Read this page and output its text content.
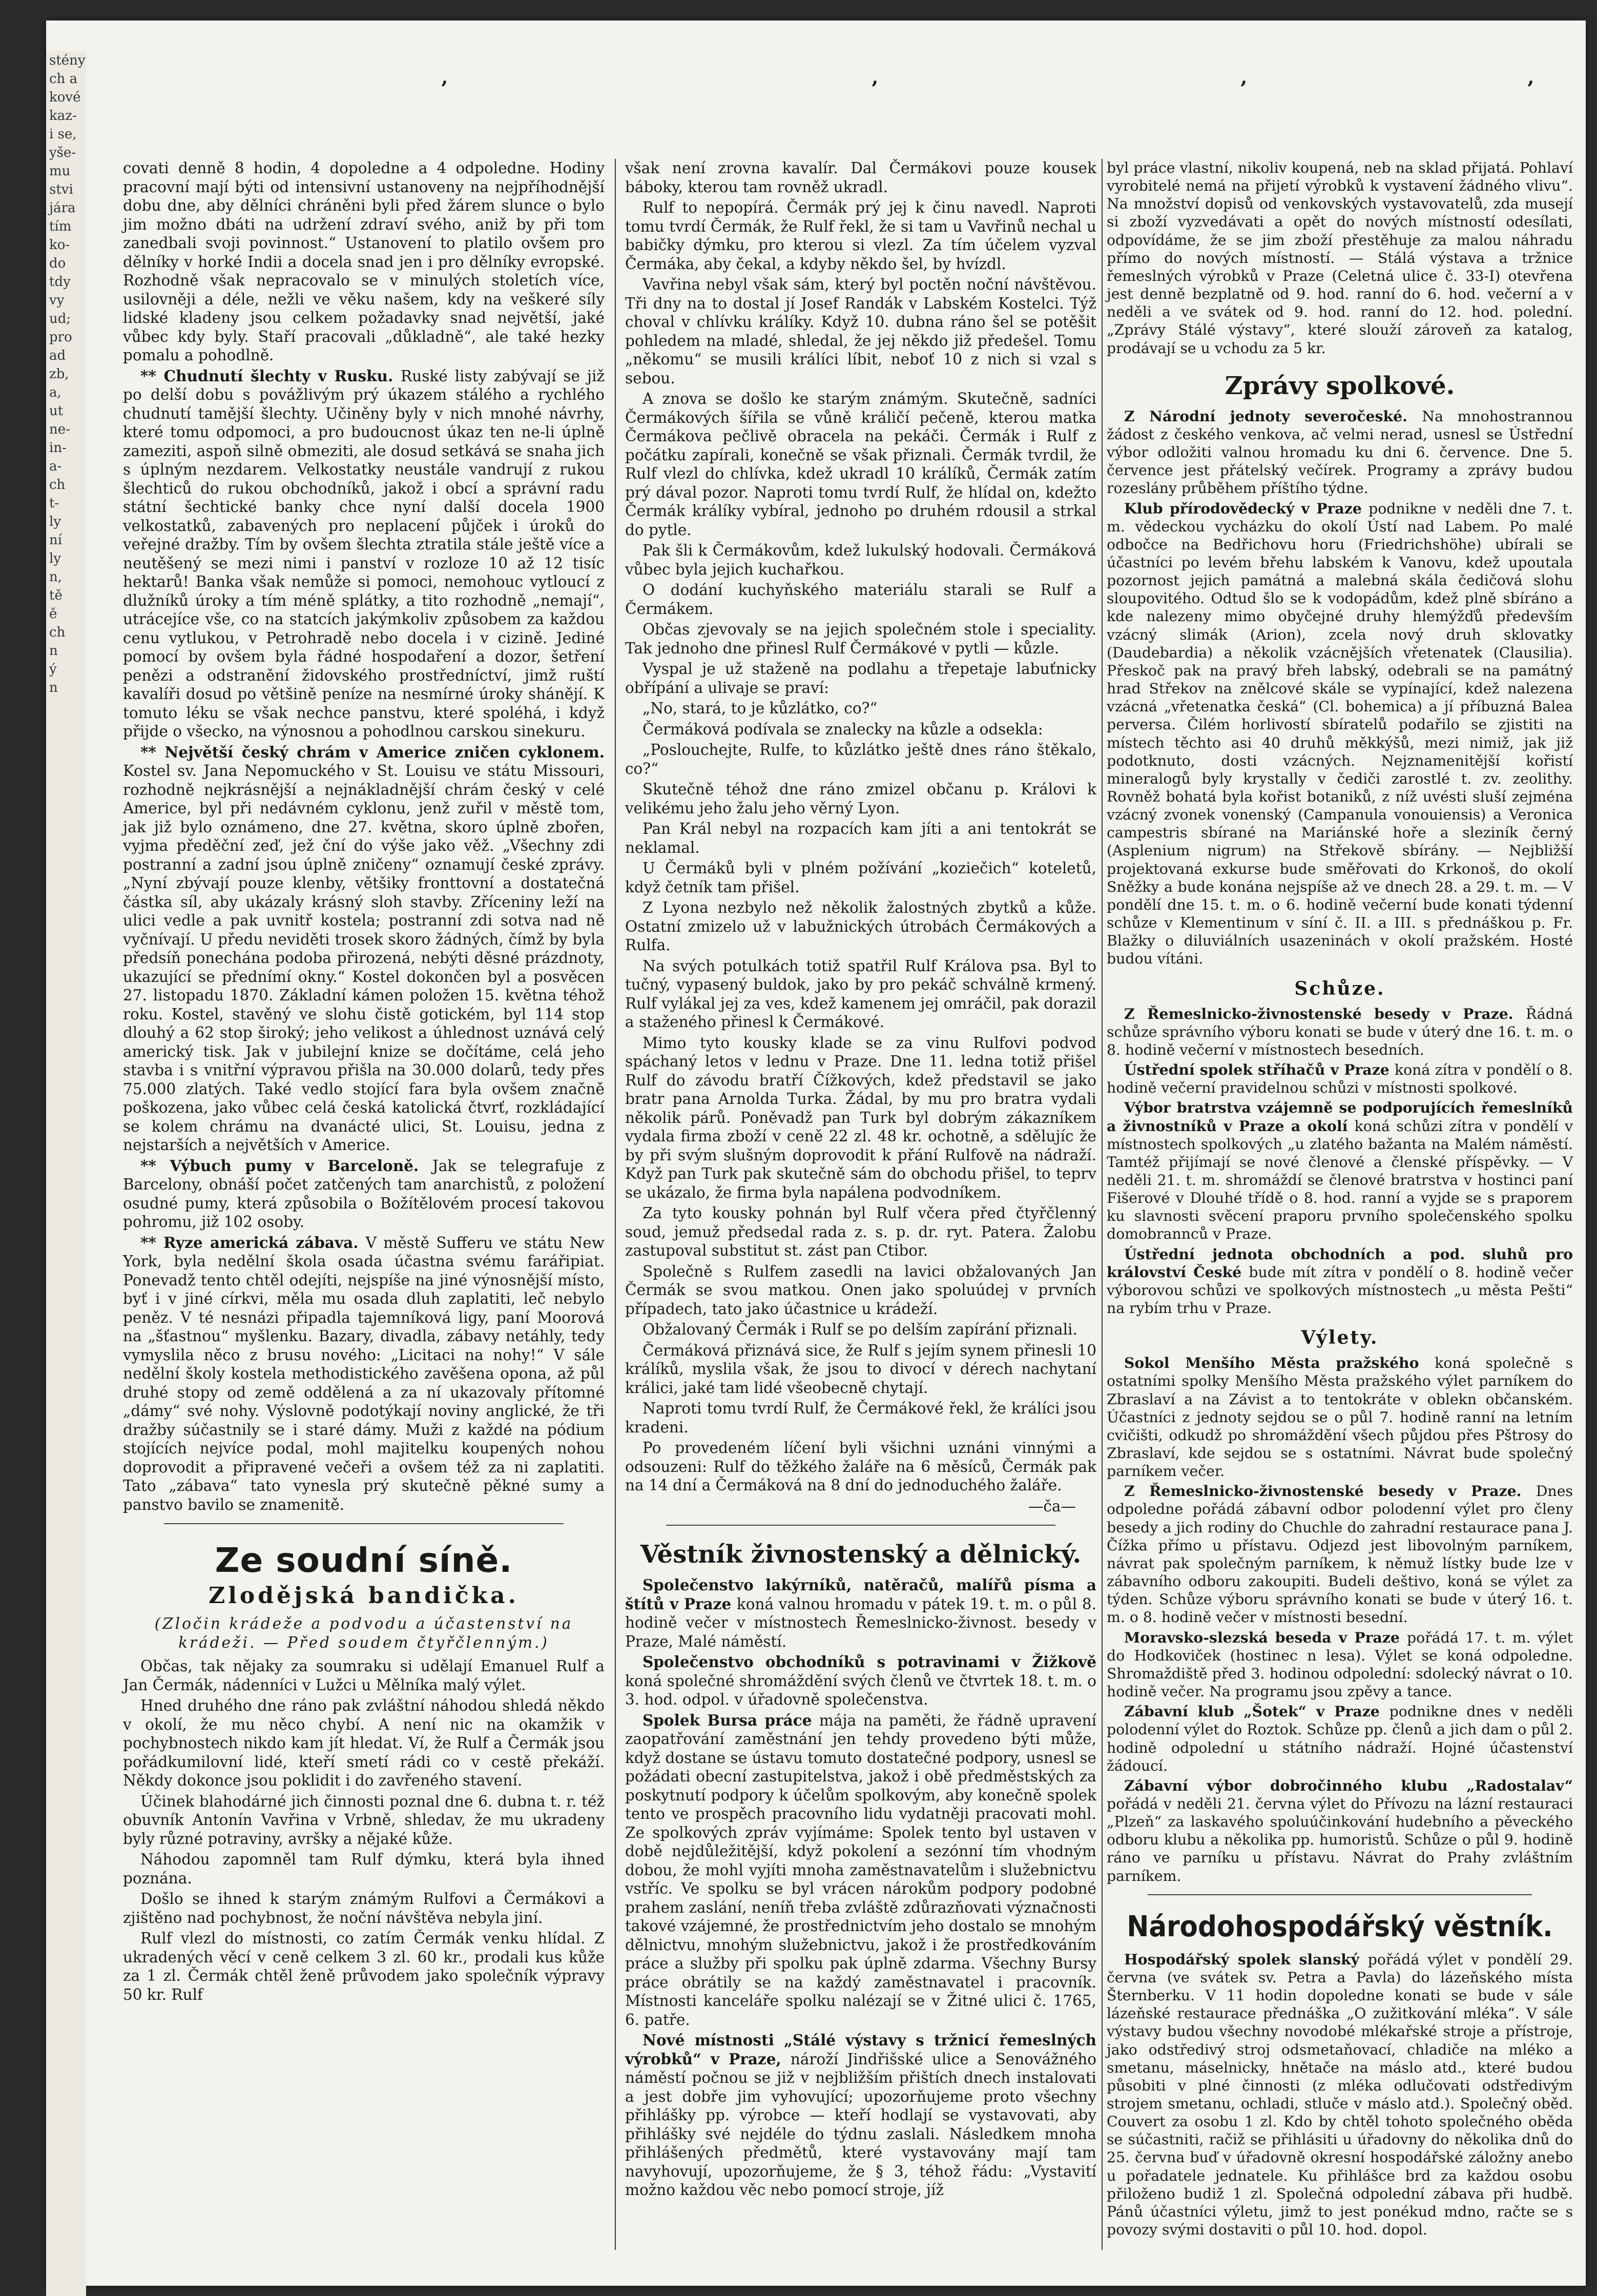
stény
ch a
kové
kaz-
i se,
yše-
mu
stvi
jára
tím
ko-
do
tdy
vy
ud;
pro
ad
zb,
a,
ut
ne-
in-
a-
ch
t-
ly
ní
ly
n,
tě
ě
ch
n
ý
n
’	’	’	’

covati denně 8 hodin, 4 dopoledne a 4 odpoledne. Hodiny pracovní mají býti od intensivní ustanoveny na nejpříhodnější dobu dne, aby dělníci chráněni byli před žárem slunce o bylo jim možno dbáti na udržení zdraví svého, aniž by při tom zanedbali svoji povinnost.“ Ustanovení to platilo ovšem pro dělníky v horké Indii a docela snad jen i pro dělníky evropské. Rozhodně však nepracovalo se v minulých stoletích více, usilovněji a déle, nežli ve věku našem, kdy na veškeré síly lidské kladeny jsou celkem požadavky snad největší, jaké vůbec kdy byly. Staří pracovali „důkladně“, ale také hezky pomalu a pohodlně.

** Chudnutí šlechty v Rusku. Ruské listy zabývají se již po delší dobu s povážlivým prý úkazem stálého a rychlého chudnutí tamější šlechty. Učiněny byly v nich mnohé návrhy, které tomu odpomoci, a pro budoucnost úkaz ten ne-li úplně zameziti, aspoň silně obmeziti, ale dosud setkává se snaha jich s úplným nezdarem. Velkostatky neustále vandrují z rukou šlechticů do rukou obchodníků, jakož i obcí a správní radu státní šechtické banky chce nyní další docela 1900 velkostatků, zabavených pro neplacení půjček i úroků do veřejné dražby. Tím by ovšem šlechta ztratila stále ještě více a neutěšený se mezi nimi i panství v rozloze 10 až 12 tisíc hektarů! Banka však nemůže si pomoci, nemohouc vytloucí z dlužníků úroky a tím méně splátky, a tito rozhodně „nemají“, utrácejíce vše, co na statcích jakýmkoliv způsobem za každou cenu vytlukou, v Petrohradě nebo docela i v cizině. Jediné pomocí by ovšem byla řádné hospodaření a dozor, šetření penězi a odstranění židovského prostředníctví, jimž ruští kavalíři dosud po většině peníze na nesmírné úroky shánějí. K tomuto léku se však nechce panstvu, které spoléhá, i když přijde o všecko, na výnosnou a pohodlnou carskou sinekuru.

** Největší český chrám v Americe zničen cyklonem. Kostel sv. Jana Nepomuckého v St. Louisu ve státu Missouri, rozhodně nejkrásnější a nejnákladnější chrám český v celé Americe, byl při nedávném cyklonu, jenž zuřil v městě tom, jak již bylo oznámeno, dne 27. května, skoro úplně zbořen, vyjma předěční zeď, jež ční do výše jako věž. „Všechny zdi postranní a zadní jsou úplně zničeny“ oznamují české zprávy. „Nyní zbývají pouze klenby, většiky fronttovní a dostatečná částka síl, aby ukázaly krásný sloh stavby. Zříceniny leží na ulici vedle a pak uvnitř kostela; postranní zdi sotva nad ně vyčnívají. U předu neviděti trosek skoro žádných, čímž by byla předsíň ponechána podoba přirozená, nebýti děsné prázdnoty, ukazující se přednímí okny.“ Kostel dokončen byl a posvěcen 27. listopadu 1870. Základní kámen položen 15. května téhož roku. Kostel, stavěný ve slohu čistě gotickém, byl 114 stop dlouhý a 62 stop široký; jeho velikost a úhlednost uznává celý americký tisk. Jak v jubilejní knize se dočítáme, celá jeho stavba i s vnitřní výpravou přišla na 30.000 dolarů, tedy přes 75.000 zlatých. Také vedlo stojící fara byla ovšem značně poškozena, jako vůbec celá česká katolická čtvrť, rozkládající se kolem chrámu na dvanácté ulici, St. Louisu, jedna z nejstarších a největších v Americe.

** Výbuch pumy v Barceloně. Jak se telegrafuje z Barcelony, obnáší počet zatčených tam anarchistů, z položení osudné pumy, která způsobila o Božítělovém procesí takovou pohromu, již 102 osoby.

** Ryze americká zábava. V městě Sufferu ve státu New York, byla nedělní škola osada účastna svému farářipiat. Ponevadž tento chtěl odejíti, nejspíše na jiné výnosnější místo, byť i v jiné církvi, měla mu osada dluh zaplatiti, leč nebylo peněz. V té nesnázi připadla tajemníková ligy, paní Moorová na „šťastnou“ myšlenku. Bazary, divadla, zábavy netáhly, tedy vymyslila něco z brusu nového: „Licitaci na nohy!“ V sále nedělní školy kostela methodistického zavěšena opona, až půl druhé stopy od země oddělená a za ní ukazovaly přítomné „dámy“ své nohy. Výslovně podotýkají noviny anglické, že tři dražby súčastnily se i staré dámy. Muži z každé na pódium stojících nejvíce podal, mohl majitelku koupených nohou doprovodit a připravené večeři a ovšem též za ni zaplatiti. Tato „zábava“ tato vynesla prý skutečně pěkné sumy a panstvo bavilo se znamenitě.

Ze soudní síně.
Zlodějská bandička.
(Zločin krádeže a podvodu a účastenství na krádeži. — Před soudem čtyřčlenným.)

Občas, tak nějaky za soumraku si udělají Emanuel Rulf a Jan Čermák, nádenníci v Lužci u Mělníka malý výlet.

Hned druhého dne ráno pak zvláštní náhodou shledá někdo v okolí, že mu něco chybí. A není nic na okamžik v pochybnostech nikdo kam jít hledat. Ví, že Rulf a Čermák jsou pořádkumilovní lidé, kteří smetí rádi co v cestě překáží. Někdy dokonce jsou poklidit i do zavřeného stavení.

Účinek blahodárné jich činnosti poznal dne 6. dubna t. r. též obuvník Antonín Vavřina v Vrbně, shledav, že mu ukradeny byly různé potraviny, avršky a nějaké kůže.

Náhodou zapomněl tam Rulf dýmku, která byla ihned poznána.

Došlo se ihned k starým známým Rulfovi a Čermákovi a zjištěno nad pochybnost, že noční návštěva nebyla jiní.

Rulf vlezl do místnosti, co zatím Čermák venku hlídal. Z ukradených věcí v ceně celkem 3 zl. 60 kr., prodali kus kůže za 1 zl. Čermák chtěl ženě průvodem jako společník výpravy 50 kr. Rulf

však není zrovna kavalír. Dal Čermákovi pouze kousek báboky, kterou tam rovněž ukradl.

Rulf to nepopírá. Čermák prý jej k činu navedl. Naproti tomu tvrdí Čermák, že Rulf řekl, že si tam u Vavřinů nechal u babičky dýmku, pro kterou si vlezl. Za tím účelem vyzval Čermáka, aby čekal, a kdyby někdo šel, by hvízdl.

Vavřina nebyl však sám, který byl poctěn noční návštěvou. Tři dny na to dostal jí Josef Randák v Labském Kostelci. Týž choval v chlívku králíky. Když 10. dubna ráno šel se potěšit pohledem na mladé, shledal, že jej někdo již předešel. Tomu „někomu“ se musili králíci líbit, neboť 10 z nich si vzal s sebou.

A znova se došlo ke starým známým. Skutečně, sadníci Čermákových šířila se vůně králičí pečeně, kterou matka Čermákova pečlivě obracela na pekáči. Čermák i Rulf z počátku zapírali, konečně se však přiznali. Čermák tvrdil, že Rulf vlezl do chlívka, kdež ukradl 10 králíků, Čermák zatím prý dával pozor. Naproti tomu tvrdí Rulf, že hlídal on, kdežto Čermák králíky vybíral, jednoho po druhém rdousil a strkal do pytle.

Pak šli k Čermákovům, kdež lukulský hodovali. Čermáková vůbec byla jejich kuchařkou.

O dodání kuchyňského materiálu starali se Rulf a Čermákem.

Občas zjevovaly se na jejich společném stole i speciality. Tak jednoho dne přinesl Rulf Čermákové v pytli — kůzle.

Vyspal je už staženě na podlahu a třepetaje labuťnicky obřípání a ulivaje se praví:

„No, stará, to je kůzlátko, co?“

Čermáková podívala se znalecky na kůzle a odsekla:

„Poslouchejte, Rulfe, to kůzlátko ještě dnes ráno štěkalo, co?“

Skutečně téhož dne ráno zmizel občanu p. Královi k velikému jeho žalu jeho věrný Lyon.

Pan Král nebyl na rozpacích kam jíti a ani tentokrát se neklamal.

U Čermáků byli v plném požívání „koziečich“ koteletů, když četník tam přišel.

Z Lyona nezbylo než několik žalostných zbytků a kůže. Ostatní zmizelo už v labužnických útrobách Čermákových a Rulfa.

Na svých potulkách totiž spatřil Rulf Králova psa. Byl to tučný, vypasený buldok, jako by pro pekáč schválně krmený. Rulf vylákal jej za ves, kdež kamenem jej omráčil, pak dorazil a staženého přinesl k Čermákové.

Mimo tyto kousky klade se za vinu Rulfovi podvod spáchaný letos v lednu v Praze. Dne 11. ledna totiž přišel Rulf do závodu bratří Čížkových, kdež představil se jako bratr pana Arnolda Turka. Žádal, by mu pro bratra vydali několik párů. Poněvadž pan Turk byl dobrým zákazníkem vydala firma zboží v ceně 22 zl. 48 kr. ochotně, a sdělujíc že by při svým slušným doprovodit k přání Rulfově na nádraží. Když pan Turk pak skutečně sám do obchodu přišel, to teprv se ukázalo, že firma byla napálena podvodníkem.

Za tyto kousky pohnán byl Rulf včera před čtyřčlenný soud, jemuž předsedal rada z. s. p. dr. ryt. Patera. Žalobu zastupoval substitut st. zást pan Ctibor.

Společně s Rulfem zasedli na lavici obžalovaných Jan Čermák se svou matkou. Onen jako spoluúdej v prvních případech, tato jako účastnice u krádeží.

Obžalovaný Čermák i Rulf se po delším zapírání přiznali.

Čermáková přiznává sice, že Rulf s jejím synem přinesli 10 králíků, myslila však, že jsou to divocí v dérech nachytaní králici, jaké tam lidé všeobecně chytají.

Naproti tomu tvrdí Rulf, že Čermákové řekl, že králíci jsou kradeni.

Po provedeném líčení byli všichni uznáni vinnými a odsouzeni: Rulf do těžkého žaláře na 6 měsíců, Čermák pak na 14 dní a Čermáková na 8 dní do jednoduchého žaláře.

—ča—
Věstník živnostenský a dělnický.

Společenstvo lakýrníků, natěračů, malířů písma a štítů v Praze koná valnou hromadu v pátek 19. t. m. o půl 8. hodině večer v místnostech Řemeslnicko-živnost. besedy v Praze, Malé náměstí.

Společenstvo obchodníků s potravinami v Žižkově koná společné shromáždění svých členů ve čtvrtek 18. t. m. o 3. hod. odpol. v úřadovně společenstva.

Spolek Bursa práce mája na paměti, že řádně upravení zaopatřování zaměstnání jen tehdy provedeno býti může, když dostane se ústavu tomuto dostatečné podpory, usnesl se požádati obecní zastupitelstva, jakož i obě předměstských za poskytnutí podpory k účelům spolkovým, aby konečně spolek tento ve prospěch pracovního lidu vydatněji pracovati mohl. Ze spolkových zpráv vyjímáme: Spolek tento byl ustaven v době nejdůležitější, když pokolení a sezónní tím vhodným dobou, že mohl vyjíti mnoha zaměstnavatelům i služebnictvu vstříc. Ve spolku se byl vrácen nárokům podpory podobné prahem zaslání, neníň třeba zvláště zdůrazňovati význačnosti takové vzájemné, že prostřednictvím jeho dostalo se mnohým dělnictvu, mnohým služebnictvu, jakož i že prostředkováním práce a služby při spolku pak úplně zdarma. Všechny Bursy práce obrátily se na každý zaměstnavatel i pracovník. Místnosti kanceláře spolku nalézají se v Žitné ulici č. 1765, 6. patře.

Nové místnosti „Stálé výstavy s tržnicí řemeslných výrobků“ v Praze, nároží Jindřišské ulice a Senovážného náměstí počnou se již v nejbližším přištích dnech instalovati a jest dobře jim vyhovující; upozorňujeme proto všechny přihlášky pp. výrobce — kteří hodlají se vystavovati, aby přihlášky své nejdéle do týdnu zaslali. Následkem mnoha přihlášených předmětů, které vystavovány mají tam navyhovují, upozorňujeme, že § 3, téhož řádu: „Vystavití možno každou věc nebo pomocí stroje, jíž

byl práce vlastní, nikoliv koupená, neb na sklad přijatá. Pohlaví vyrobitelé nemá na přijetí výrobků k vystavení žádného vlivu“. Na množství dopisů od venkovských vystavovatelů, zda musejí si zboží vyzvedávati a opět do nových místností odesílati, odpovídáme, že se jim zboží přestěhuje za malou náhradu přímo do nových místností. — Stálá výstava a tržnice řemeslných výrobků v Praze (Celetná ulice č. 33-I) otevřena jest denně bezplatně od 9. hod. ranní do 6. hod. večerní a v neděli a ve svátek od 9. hod. ranní do 12. hod. polední. „Zprávy Stálé výstavy“, které slouží zároveň za katalog, prodávají se u vchodu za 5 kr.

Zprávy spolkové.

Z Národní jednoty severočeské. Na mnohostrannou žádost z českého venkova, ač velmi nerad, usnesl se Ústřední výbor odložiti valnou hromadu ku dni 6. července. Dne 5. července jest přátelský večírek. Programy a zprávy budou rozeslány průběhem příštího týdne.

Klub přírodovědecký v Praze podnikne v neděli dne 7. t. m. vědeckou vycházku do okolí Ústí nad Labem. Po malé odbočce na Bedřichovu horu (Friedrichshöhe) ubírali se účastníci po levém břehu labském k Vanovu, kdež upoutala pozornost jejich památná a malebná skála čedičová slohu sloupovitého. Odtud šlo se k vodopádům, kdež plně sbíráno a kde nalezeny mimo obyčejné druhy hlemýžďů především vzácný slimák (Arion), zcela nový druh sklovatky (Daudebardia) a několik vzácnějších vřetenatek (Clausilia). Přeskoč pak na pravý břeh labský, odebrali se na památný hrad Střekov na znělcové skále se vypínající, kdež nalezena vzácná „vřetenatka česká“ (Cl. bohemica) a jí příbuzná Balea perversa. Čilém horlivostí sbíratelů podařilo se zjistiti na místech těchto asi 40 druhů měkkýšů, mezi nimiž, jak již podotknuto, dosti vzácných. Nejznamenitější kořistí mineralogů byly krystally v čediči zarostlé t. zv. zeolithy. Rovněž bohatá byla kořist botaniků, z níž uvésti sluší zejména vzácný zvonek vonenský (Campanula vonouiensis) a Veronica campestris sbírané na Mariánské hoře a sleziník černý (Asplenium nigrum) na Střekově sbírány. — Nejbližší projektovaná exkurse bude směřovati do Krkonoš, do okolí Sněžky a bude konána nejspíše až ve dnech 28. a 29. t. m. — V pondělí dne 15. t. m. o 6. hodině večerní bude konati týdenní schůze v Klementinum v síní č. II. a III. s přednáškou p. Fr. Blažky o diluviálních usazeninách v okolí pražském. Hosté budou vítáni.

Schůze.

Z Řemeslnicko-živnostenské besedy v Praze. Řádná schůze správního výboru konati se bude v úterý dne 16. t. m. o 8. hodině večerní v místnostech besedních.

Ústřední spolek stříhačů v Praze koná zítra v pondělí o 8. hodině večerní pravidelnou schůzi v místnosti spolkové.

Výbor bratrstva vzájemně se podporujících řemeslníků a živnostníků v Praze a okolí koná schůzi zítra v pondělí v místnostech spolkových „u zlatého bažanta na Malém náměstí. Tamtéž přijímají se nové členové a členské příspěvky. — V neděli 21. t. m. shromáždí se členové bratrstva v hostinci paní Fišerové v Dlouhé třídě o 8. hod. ranní a vyjde se s praporem ku slavnosti svěcení praporu prvního společenského spolku domobrannců v Praze.

Ústřední jednota obchodních a pod. sluhů pro království České bude mít zítra v pondělí o 8. hodině večer výborovou schůzi ve spolkových místnostech „u města Pešti“ na rybím trhu v Praze.

Výlety.

Sokol Menšího Města pražského koná společně s ostatními spolky Menšího Města pražského výlet parníkem do Zbraslaví a na Závist a to tentokráte v oblekn občanském. Účastníci z jednoty sejdou se o půl 7. hodině ranní na letním cvičišti, odkudž po shromáždění všech půjdou přes Pštrosy do Zbraslaví, kde sejdou se s ostatními. Návrat bude společný parníkem večer.

Z Řemeslnicko-živnostenské besedy v Praze. Dnes odpoledne pořádá zábavní odbor polodenní výlet pro členy besedy a jich rodiny do Chuchle do zahradní restaurace pana J. Čížka přímo u přístavu. Odjezd jest libovolným parníkem, návrat pak společným parníkem, k němuž lístky bude lze v zábavního odboru zakoupiti. Budeli deštivo, koná se výlet za týden. Schůze výboru správního konati se bude v úterý 16. t. m. o 8. hodině večer v místnosti besední.

Moravsko-slezská beseda v Praze pořádá 17. t. m. výlet do Hodkoviček (hostinec n lesa). Výlet se koná odpoledne. Shromaždiště před 3. hodinou odpolední: sdolecký návrat o 10. hodině večer. Na programu jsou zpěvy a tance.

Zábavní klub „Šotek“ v Praze podnikne dnes v neděli polodenní výlet do Roztok. Schůze pp. členů a jich dam o půl 2. hodině odpolední u státního nádraží. Hojné účastenství žádoucí.

Zábavní výbor dobročinného klubu „Radostalav“ pořádá v neděli 21. června výlet do Přívozu na lázní restauraci „Plzeň“ za laskavého spoluúčinkování hudebního a pěveckého odboru klubu a několika pp. humoristů. Schůze o půl 9. hodině ráno ve parníku u přístavu. Návrat do Prahy zvláštním parníkem.

Národohospodářský věstník.

Hospodářský spolek slanský pořádá výlet v pondělí 29. června (ve svátek sv. Petra a Pavla) do lázeňského místa Šternberku. V 11 hodin dopoledne konati se bude v sále lázeňské restaurace přednáška „O zužitkování mléka“. V sále výstavy budou všechny novodobé mlékařské stroje a přístroje, jako odstředivý stroj odsmetaňovací, chladiče na mléko a smetanu, máselnicky, hnětače na máslo atd., které budou působiti v plné činnosti (z mléka odlučovati odstředivým strojem smetanu, ochladi, stluče v máslo atd.). Společný oběd. Couvert za osobu 1 zl. Kdo by chtěl tohoto společného oběda se súčastniti, račiž se přihlásiti u úřadovny do několika dnů do 25. června buď v úřadovně okresní hospodářské záložny anebo u pořadatele jednatele. Ku přihlášce brd za každou osobu přiloženo budiž 1 zl. Společná odpolední zábava při hudbě. Pánů účastníci výletu, jimž to jest ponékud mdno, račte se s povozy svými dostaviti o půl 10. hod. dopol.
